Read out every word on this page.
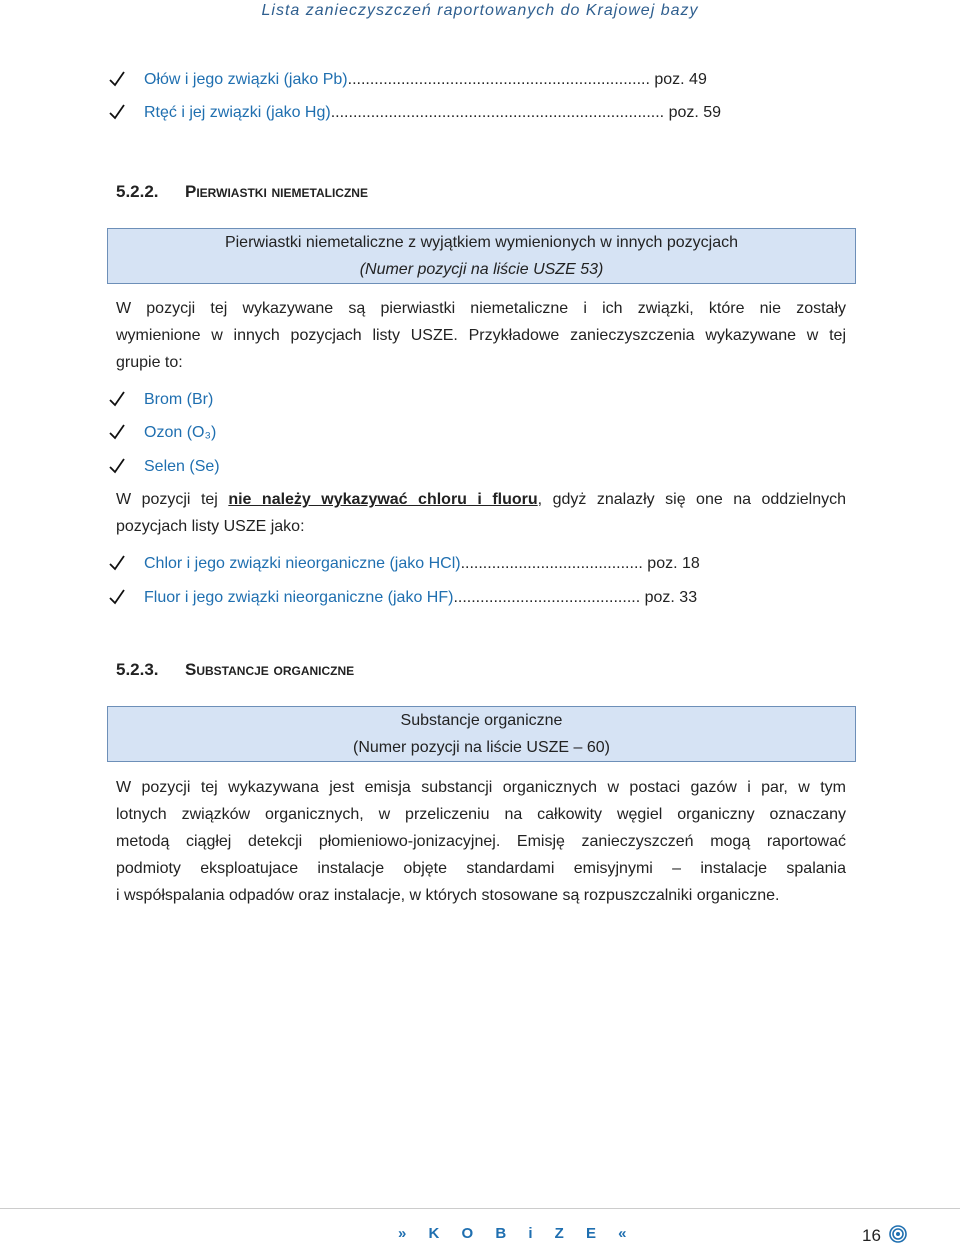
Lista zanieczyszczeń raportowanych do Krajowej bazy
Ołów i jego związki (jako Pb).................................................................... poz. 49
Rtęć i jej związki (jako Hg)........................................................................... poz. 59
5.2.2. Pierwiastki niemetaliczne
Pierwiastki niemetaliczne z wyjątkiem wymienionych w innych pozycjach
(Numer pozycji na liście USZE 53)
W pozycji tej wykazywane są pierwiastki niemetaliczne i ich związki, które nie zostały
wymienione w innych pozycjach listy USZE. Przykładowe zanieczyszczenia wykazywane w tej
grupie to:
Brom (Br)
Ozon (O₃)
Selen (Se)
W pozycji tej nie należy wykazywać chloru i fluoru, gdyż znalazły się one na oddzielnych
pozycjach listy USZE jako:
Chlor i jego związki nieorganiczne (jako HCl)......................................... poz. 18
Fluor i jego związki nieorganiczne (jako HF).......................................... poz. 33
5.2.3. Substancje organiczne
Substancje organiczne
(Numer pozycji na liście USZE – 60)
W pozycji tej wykazywana jest emisja substancji organicznych w postaci gazów i par, w tym
lotnych związków organicznych, w przeliczeniu na całkowity węgiel organiczny oznaczany
metodą ciągłej detekcji płomieniowo-jonizacyjnej. Emisję zanieczyszczeń mogą raportować
podmioty eksploatujace instalacje objęte standardami emisyjnymi – instalacje spalania
i współspalania odpadów oraz instalacje, w których stosowane są rozpuszczalniki organiczne.
» K O B i Z E «	16
